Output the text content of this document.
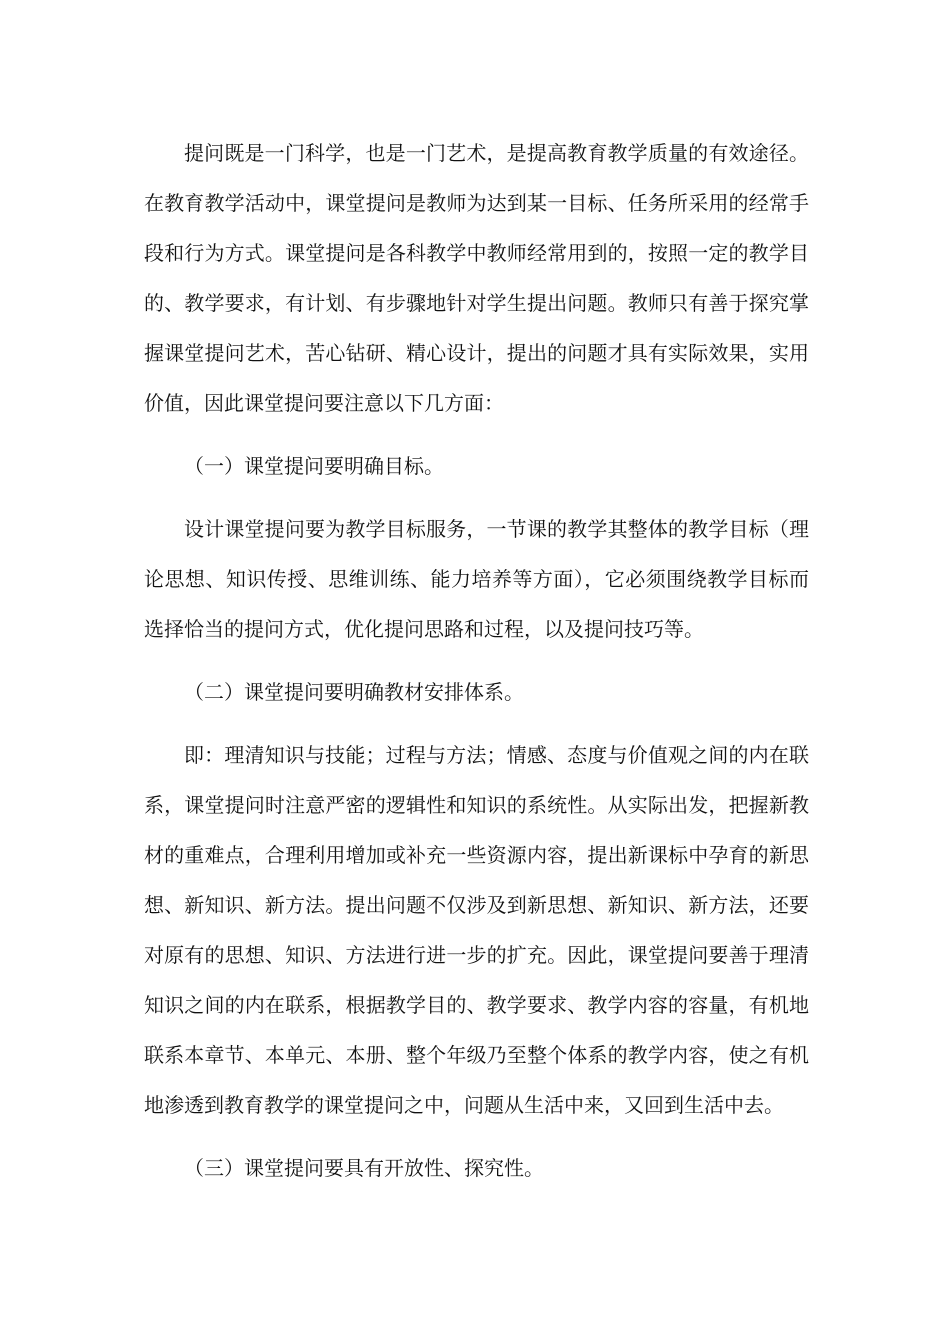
提问既是一门科学，也是一门艺术，是提高教育教学质量的有效途径。在教育教学活动中，课堂提问是教师为达到某一目标、任务所采用的经常手段和行为方式。课堂提问是各科教学中教师经常用到的，按照一定的教学目的、教学要求，有计划、有步骤地针对学生提出问题。教师只有善于探究掌握课堂提问艺术，苦心钻研、精心设计，提出的问题才具有实际效果，实用价值，因此课堂提问要注意以下几方面：

（一）课堂提问要明确目标。

设计课堂提问要为教学目标服务，一节课的教学其整体的教学目标（理论思想、知识传授、思维训练、能力培养等方面），它必须围绕教学目标而选择恰当的提问方式，优化提问思路和过程，以及提问技巧等。

（二）课堂提问要明确教材安排体系。

即：理清知识与技能；过程与方法；情感、态度与价值观之间的内在联系，课堂提问时注意严密的逻辑性和知识的系统性。从实际出发，把握新教材的重难点，合理利用增加或补充一些资源内容，提出新课标中孕育的新思想、新知识、新方法。提出问题不仅涉及到新思想、新知识、新方法，还要对原有的思想、知识、方法进行进一步的扩充。因此，课堂提问要善于理清知识之间的内在联系，根据教学目的、教学要求、教学内容的容量，有机地联系本章节、本单元、本册、整个年级乃至整个体系的教学内容，使之有机地渗透到教育教学的课堂提问之中，问题从生活中来，又回到生活中去。

（三）课堂提问要具有开放性、探究性。
